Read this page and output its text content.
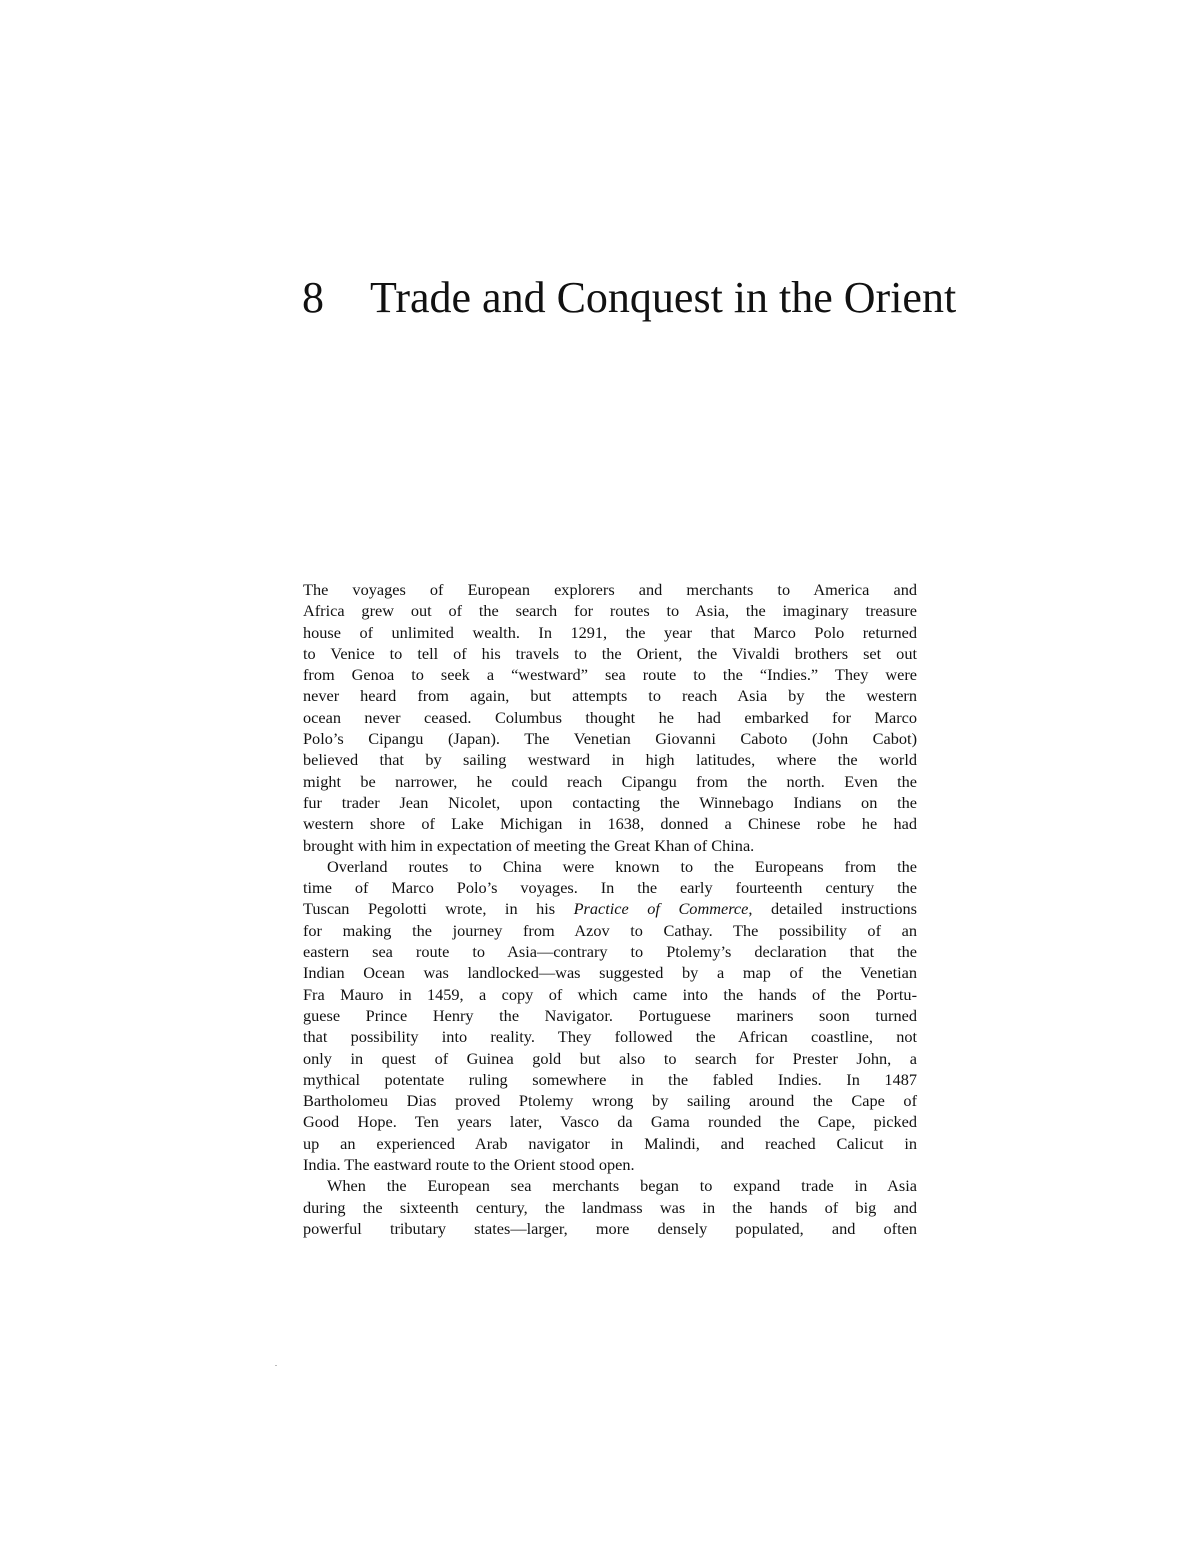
8 Trade and Conquest in the Orient
The voyages of European explorers and merchants to America and
Africa grew out of the search for routes to Asia, the imaginary treasure
house of unlimited wealth. In 1291, the year that Marco Polo returned
to Venice to tell of his travels to the Orient, the Vivaldi brothers set out
from Genoa to seek a “westward” sea route to the “Indies.” They were
never heard from again, but attempts to reach Asia by the western
ocean never ceased. Columbus thought he had embarked for Marco
Polo’s Cipangu (Japan). The Venetian Giovanni Caboto (John Cabot)
believed that by sailing westward in high latitudes, where the world
might be narrower, he could reach Cipangu from the north. Even the
fur trader Jean Nicolet, upon contacting the Winnebago Indians on the
western shore of Lake Michigan in 1638, donned a Chinese robe he had
brought with him in expectation of meeting the Great Khan of China.
Overland routes to China were known to the Europeans from the
time of Marco Polo’s voyages. In the early fourteenth century the
Tuscan Pegolotti wrote, in his Practice of Commerce, detailed instructions
for making the journey from Azov to Cathay. The possibility of an
eastern sea route to Asia—contrary to Ptolemy’s declaration that the
Indian Ocean was landlocked—was suggested by a map of the Venetian
Fra Mauro in 1459, a copy of which came into the hands of the Portu-
guese Prince Henry the Navigator. Portuguese mariners soon turned
that possibility into reality. They followed the African coastline, not
only in quest of Guinea gold but also to search for Prester John, a
mythical potentate ruling somewhere in the fabled Indies. In 1487
Bartholomeu Dias proved Ptolemy wrong by sailing around the Cape of
Good Hope. Ten years later, Vasco da Gama rounded the Cape, picked
up an experienced Arab navigator in Malindi, and reached Calicut in
India. The eastward route to the Orient stood open.
When the European sea merchants began to expand trade in Asia
during the sixteenth century, the landmass was in the hands of big and
powerful tributary states—larger, more densely populated, and often
